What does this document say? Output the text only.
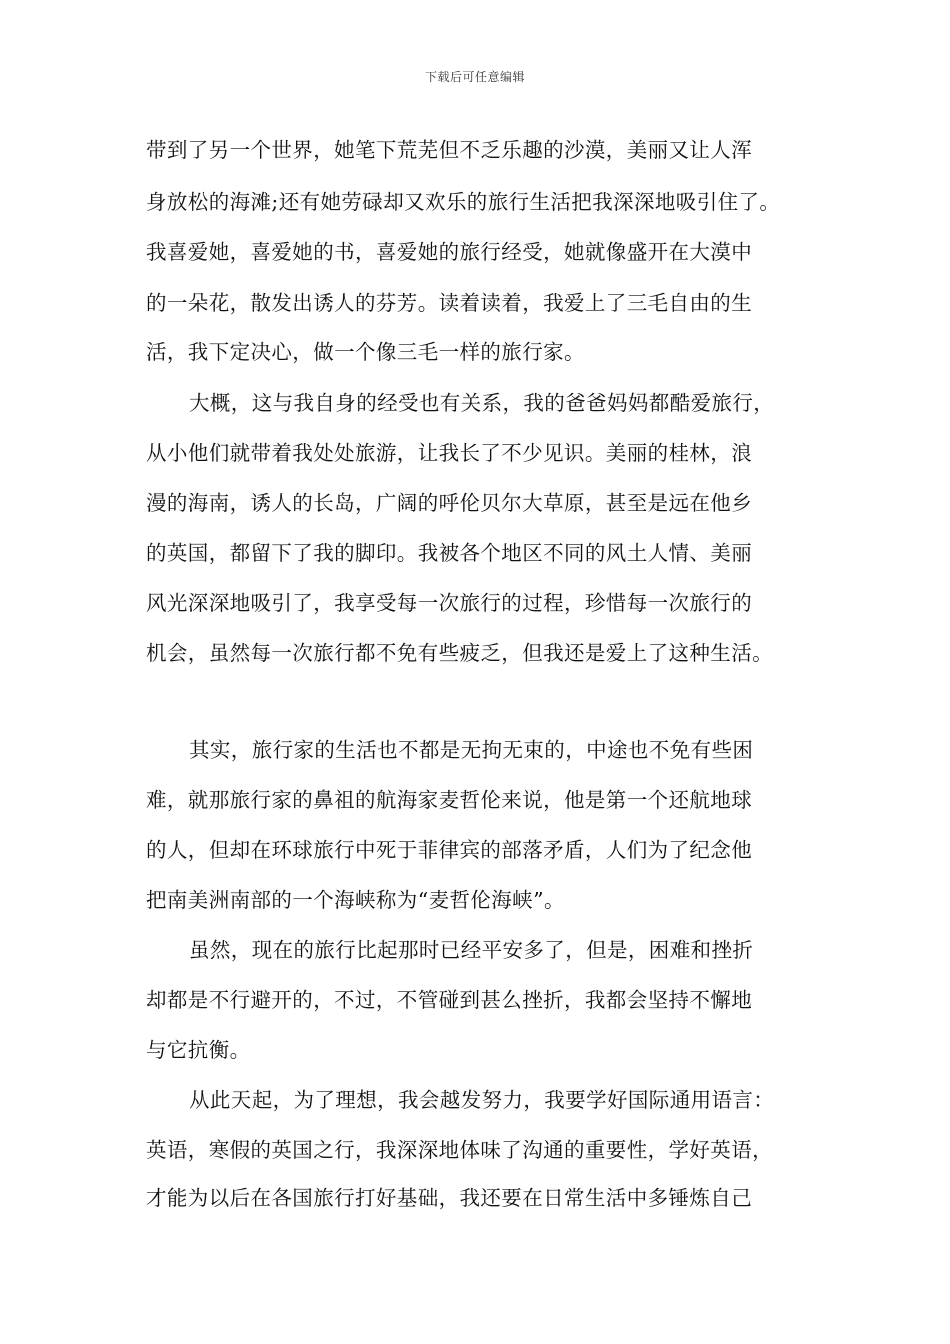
下载后可任意编辑
带到了另一个世界，她笔下荒芜但不乏乐趣的沙漠，美丽又让人浑
身放松的海滩;还有她劳碌却又欢乐的旅行生活把我深深地吸引住了。
我喜爱她，喜爱她的书，喜爱她的旅行经受，她就像盛开在大漠中
的一朵花，散发出诱人的芬芳。读着读着，我爱上了三毛自由的生
活，我下定决心，做一个像三毛一样的旅行家。
大概，这与我自身的经受也有关系，我的爸爸妈妈都酷爱旅行，
从小他们就带着我处处旅游，让我长了不少见识。美丽的桂林，浪
漫的海南，诱人的长岛，广阔的呼伦贝尔大草原，甚至是远在他乡
的英国，都留下了我的脚印。我被各个地区不同的风土人情、美丽
风光深深地吸引了，我享受每一次旅行的过程，珍惜每一次旅行的
机会，虽然每一次旅行都不免有些疲乏，但我还是爱上了这种生活。
其实，旅行家的生活也不都是无拘无束的，中途也不免有些困
难，就那旅行家的鼻祖的航海家麦哲伦来说，他是第一个还航地球
的人，但却在环球旅行中死于菲律宾的部落矛盾，人们为了纪念他
把南美洲南部的一个海峡称为“麦哲伦海峡”。
虽然，现在的旅行比起那时已经平安多了，但是，困难和挫折
却都是不行避开的，不过，不管碰到甚么挫折，我都会坚持不懈地
与它抗衡。
从此天起，为了理想，我会越发努力，我要学好国际通用语言：
英语，寒假的英国之行，我深深地体味了沟通的重要性，学好英语，
才能为以后在各国旅行打好基础，我还要在日常生活中多锤炼自己
